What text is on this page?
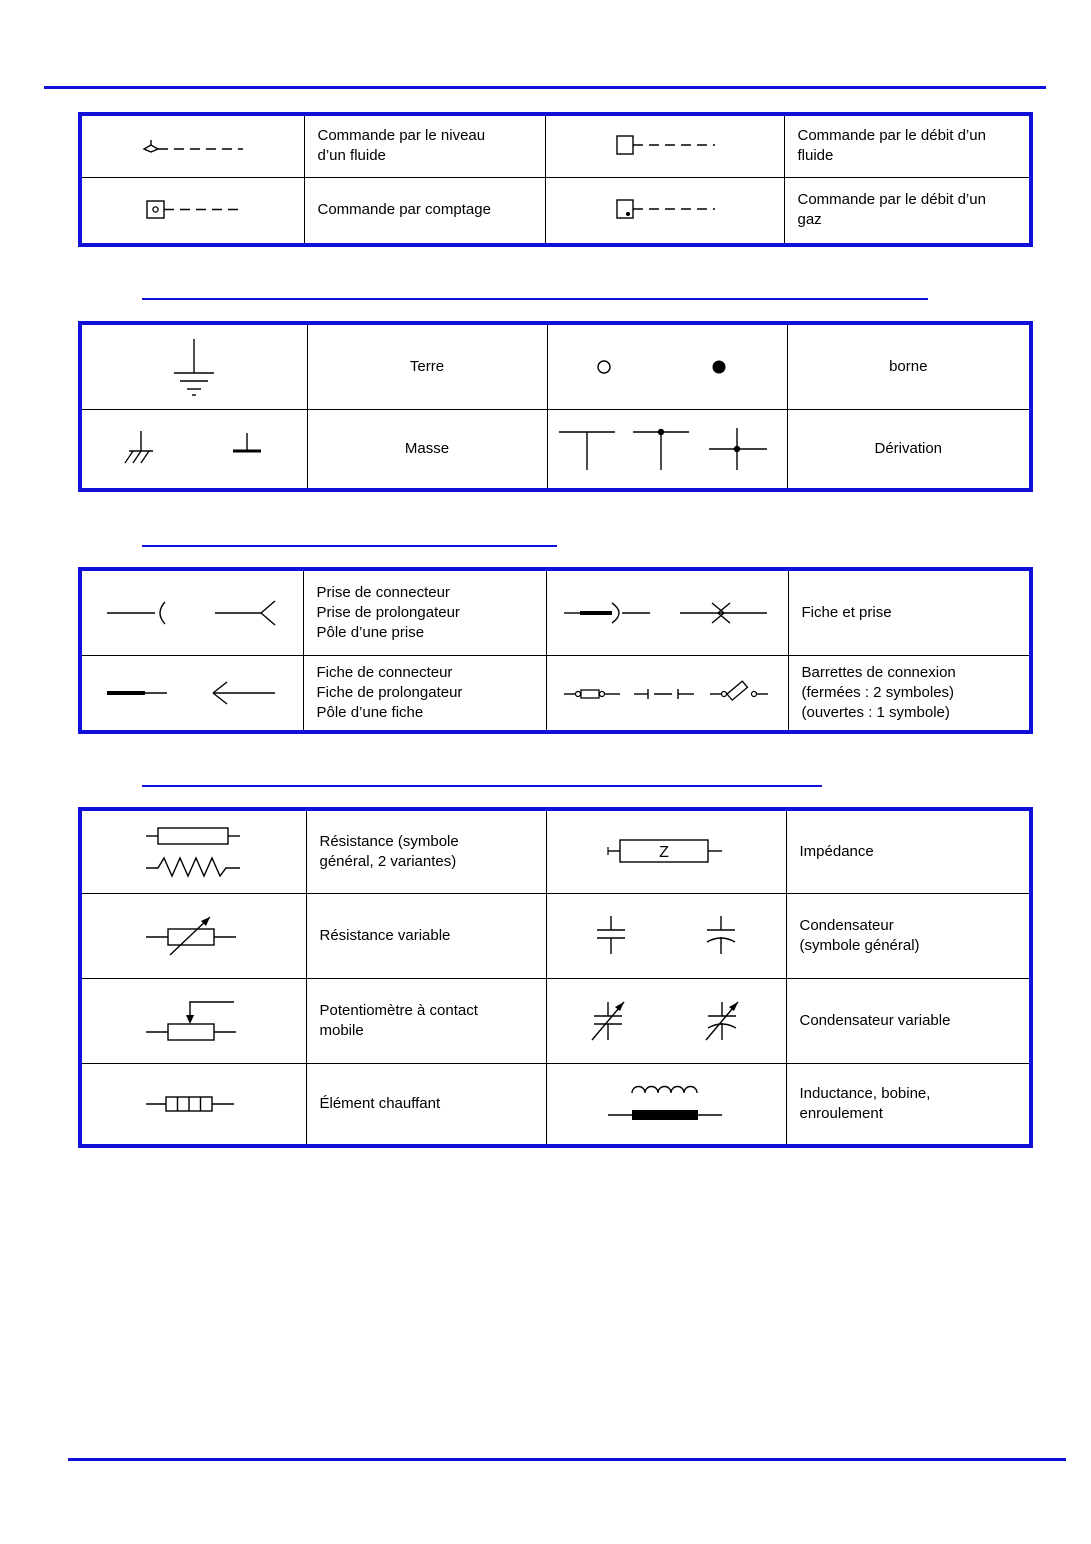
Commande par le niveau
d’un fluide		Commande par le débit d’un
fluide

Commande par comptage		Commande par le débit d’un
gaz

Terre		borne

Masse		Dérivation

Prise de connecteur
Prise de prolongateur
Pôle d’une prise		Fiche et prise

Fiche de connecteur
Fiche de prolongateur
Pôle d’une fiche		Barrettes de connexion
(fermées : 2 symboles)
(ouvertes : 1 symbole)

Résistance (symbole
général, 2 variantes)	Z	Impédance

Résistance variable		Condensateur
(symbole général)

Potentiomètre à contact
mobile		Condensateur variable

Élément chauffant		Inductance, bobine,
enroulement
